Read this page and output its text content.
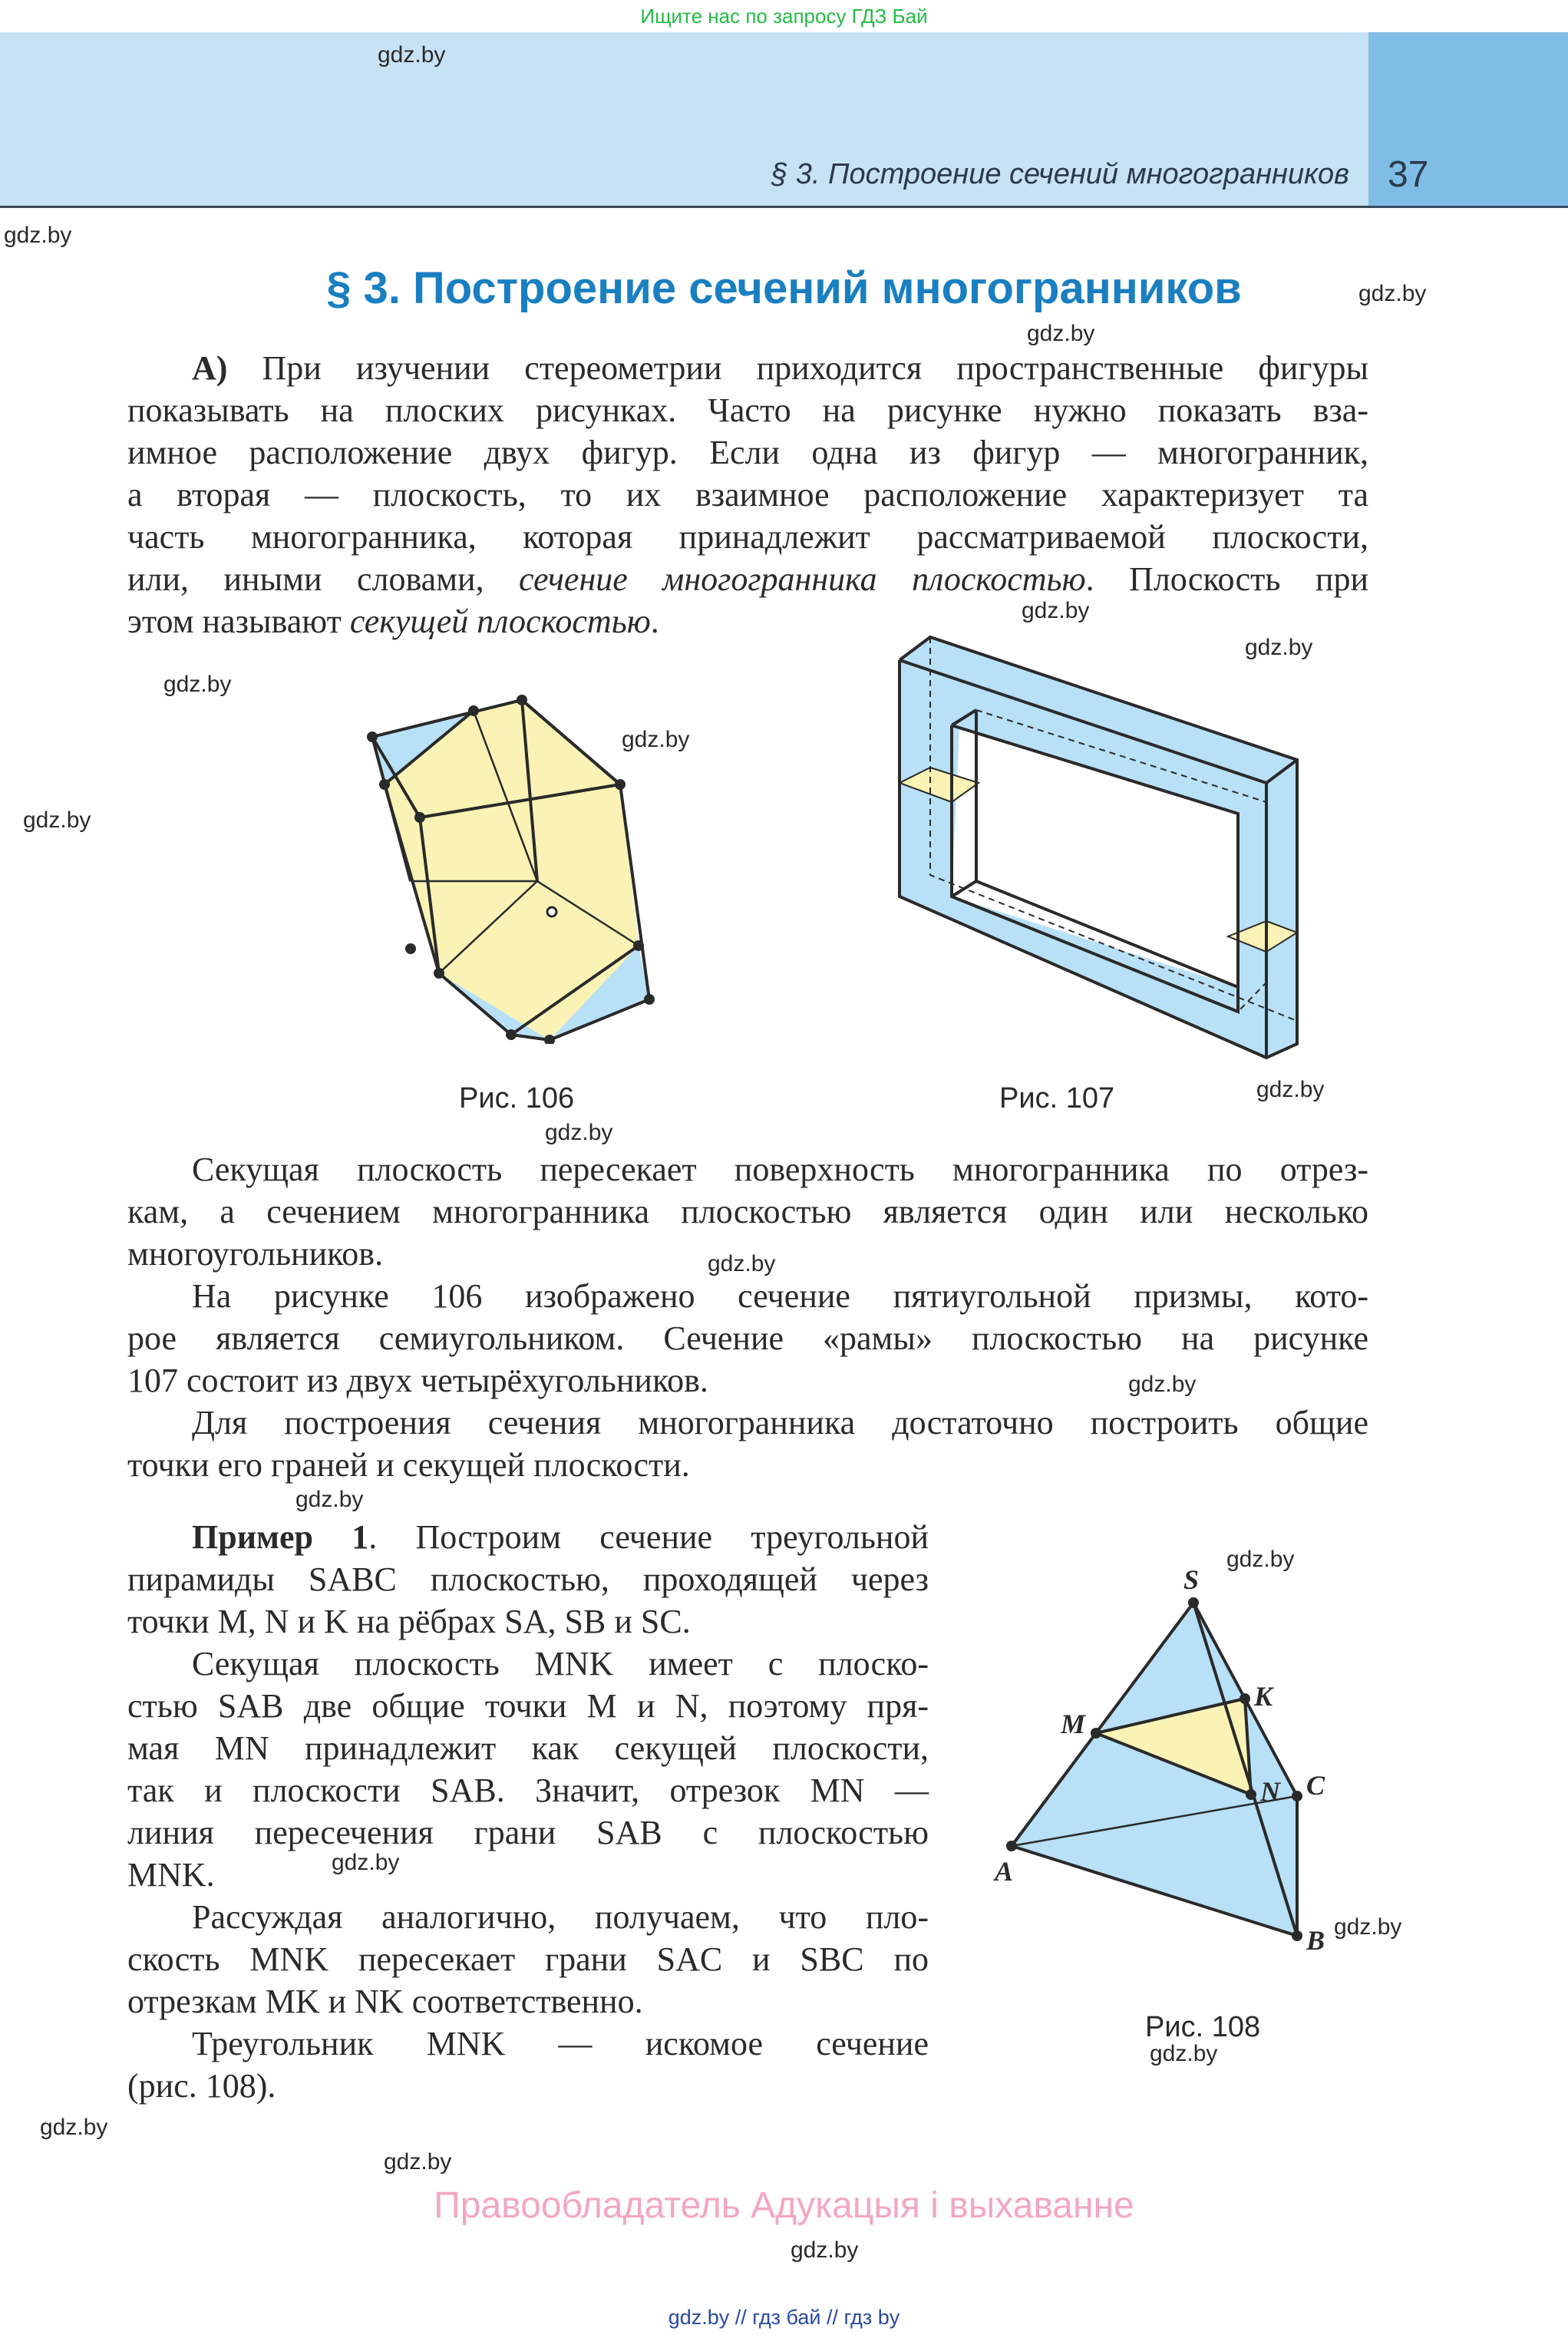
Ищите нас по запросу ГДЗ Бай
§ 3. Построение сечений многогранников 37
gdz.by
gdz.by
gdz.by
gdz.by
gdz.by
gdz.by
gdz.by
gdz.by
gdz.by
gdz.by
gdz.by
gdz.by
gdz.by
gdz.by
gdz.by
gdz.by
gdz.by
gdz.by
gdz.by
gdz.by
gdz.by
§ 3. Построение сечений многогранников
А) При изучении стереометрии приходится пространственные фигуры
показывать на плоских рисунках. Часто на рисунке нужно показать вза-
имное расположение двух фигур. Если одна из фигур — многогранник,
а вторая — плоскость, то их взаимное расположение характеризует та
часть многогранника, которая принадлежит рассматриваемой плоскости,
или, иными словами, сечение многогранника плоскостью. Плоскость при
этом называют секущей плоскостью.
Рис. 106	Рис. 107
Секущая плоскость пересекает поверхность многогранника по отрез-
кам, а сечением многогранника плоскостью является один или несколько
многоугольников.
На рисунке 106 изображено сечение пятиугольной призмы, кото-
рое является семиугольником. Сечение «рамы» плоскостью на рисунке
107 состоит из двух четырёхугольников.
Для построения сечения многогранника достаточно построить общие
точки его граней и секущей плоскости.
Пример 1. Построим сечение треугольной
пирамиды SABC плоскостью, проходящей через
точки M, N и K на рёбрах SA, SB и SC.
Секущая плоскость MNK имеет с плоско-
стью SAB две общие точки M и N, поэтому пря-
мая MN принадлежит как секущей плоскости,
так и плоскости SAB. Значит, отрезок MN —
линия пересечения грани SAB с плоскостью
MNK.
Рассуждая аналогично, получаем, что пло-
скость MNK пересекает грани SAC и SBC по
отрезкам MK и NK соответственно.
Треугольник MNK — искомое сечение
(рис. 108).
S
K
M
N C
A
B
Рис. 108
Правообладатель Адукацыя і выхаванне
gdz.by // гдз бай // гдз by
